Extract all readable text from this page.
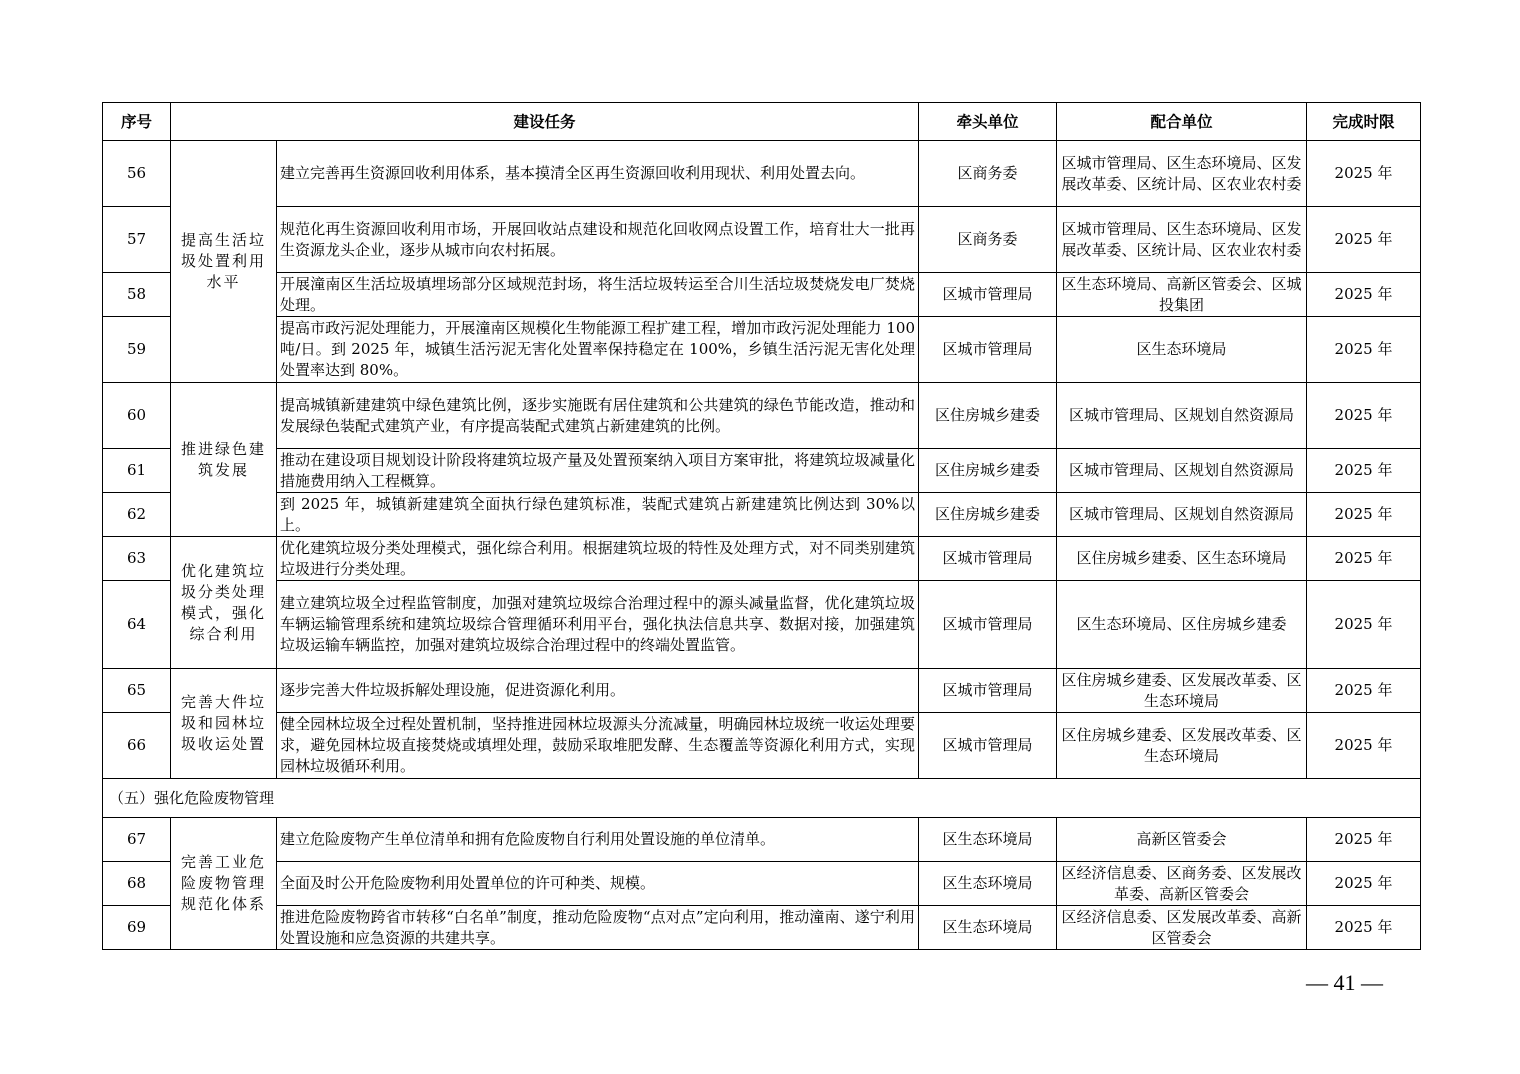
序号	建设任务		牵头单位	配合单位	完成时限
56	提高生活垃圾处置利用水平	建立完善再生资源回收利用体系，基本摸清全区再生资源回收利用现状、利用处置去向。	区商务委	区城市管理局、区生态环境局、区发展改革委、区统计局、区农业农村委	2025 年
57		规范化再生资源回收利用市场，开展回收站点建设和规范化回收网点设置工作，培育壮大一批再生资源龙头企业，逐步从城市向农村拓展。	区商务委	区城市管理局、区生态环境局、区发展改革委、区统计局、区农业农村委	2025 年
58		开展潼南区生活垃圾填埋场部分区域规范封场，将生活垃圾转运至合川生活垃圾焚烧发电厂焚烧处理。	区城市管理局	区生态环境局、高新区管委会、区城投集团	2025 年
59		提高市政污泥处理能力，开展潼南区规模化生物能源工程扩建工程，增加市政污泥处理能力 100 吨/日。到 2025 年，城镇生活污泥无害化处置率保持稳定在 100%，乡镇生活污泥无害化处理处置率达到 80%。	区城市管理局	区生态环境局	2025 年
60	推进绿色建筑发展	提高城镇新建建筑中绿色建筑比例，逐步实施既有居住建筑和公共建筑的绿色节能改造，推动和发展绿色装配式建筑产业，有序提高装配式建筑占新建建筑的比例。	区住房城乡建委	区城市管理局、区规划自然资源局	2025 年
61		推动在建设项目规划设计阶段将建筑垃圾产量及处置预案纳入项目方案审批，将建筑垃圾减量化措施费用纳入工程概算。	区住房城乡建委	区城市管理局、区规划自然资源局	2025 年
62		到 2025 年，城镇新建建筑全面执行绿色建筑标准，装配式建筑占新建建筑比例达到 30%以上。	区住房城乡建委	区城市管理局、区规划自然资源局	2025 年
63	优化建筑垃圾分类处理模式，强化综合利用	优化建筑垃圾分类处理模式，强化综合利用。根据建筑垃圾的特性及处理方式，对不同类别建筑垃圾进行分类处理。	区城市管理局	区住房城乡建委、区生态环境局	2025 年
64		建立建筑垃圾全过程监管制度，加强对建筑垃圾综合治理过程中的源头减量监督，优化建筑垃圾车辆运输管理系统和建筑垃圾综合管理循环利用平台，强化执法信息共享、数据对接，加强建筑垃圾运输车辆监控，加强对建筑垃圾综合治理过程中的终端处置监管。	区城市管理局	区生态环境局、区住房城乡建委	2025 年
65	完善大件垃圾和园林垃圾收运处置	逐步完善大件垃圾拆解处理设施，促进资源化利用。	区城市管理局	区住房城乡建委、区发展改革委、区生态环境局	2025 年
66		健全园林垃圾全过程处置机制，坚持推进园林垃圾源头分流减量，明确园林垃圾统一收运处理要求，避免园林垃圾直接焚烧或填埋处理，鼓励采取堆肥发酵、生态覆盖等资源化利用方式，实现园林垃圾循环利用。	区城市管理局	区住房城乡建委、区发展改革委、区生态环境局	2025 年
（五）强化危险废物管理					
67	完善工业危险废物管理规范化体系	建立危险废物产生单位清单和拥有危险废物自行利用处置设施的单位清单。	区生态环境局	高新区管委会	2025 年
68		全面及时公开危险废物利用处置单位的许可种类、规模。	区生态环境局	区经济信息委、区商务委、区发展改革委、高新区管委会	2025 年
69		推进危险废物跨省市转移“白名单”制度，推动危险废物“点对点”定向利用，推动潼南、遂宁利用处置设施和应急资源的共建共享。	区生态环境局	区经济信息委、区发展改革委、高新区管委会	2025 年
— 41 —
